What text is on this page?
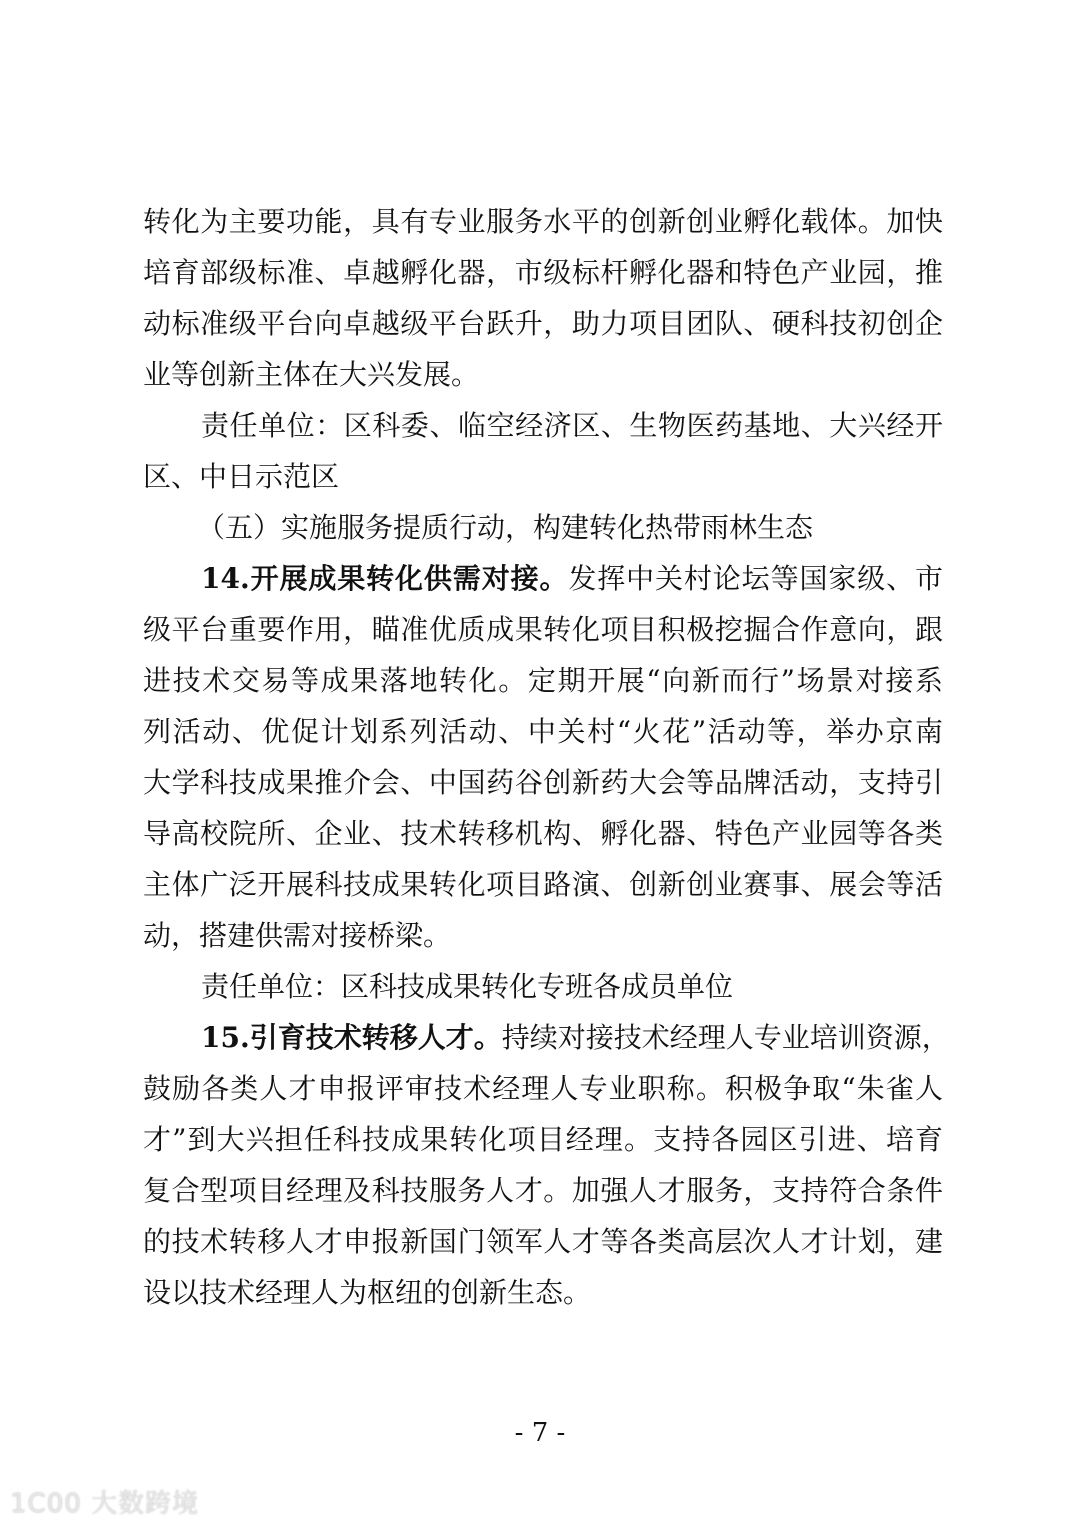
转化为主要功能，具有专业服务水平的创新创业孵化载体。加快
培育部级标准、卓越孵化器，市级标杆孵化器和特色产业园，推
动标准级平台向卓越级平台跃升，助力项目团队、硬科技初创企
业等创新主体在大兴发展。
责任单位：区科委、临空经济区、生物医药基地、大兴经开
区、中日示范区
（五）实施服务提质行动，构建转化热带雨林生态
14.开展成果转化供需对接。发挥中关村论坛等国家级、市
级平台重要作用，瞄准优质成果转化项目积极挖掘合作意向，跟
进技术交易等成果落地转化。定期开展“向新而行”场景对接系
列活动、优促计划系列活动、中关村“火花”活动等，举办京南
大学科技成果推介会、中国药谷创新药大会等品牌活动，支持引
导高校院所、企业、技术转移机构、孵化器、特色产业园等各类
主体广泛开展科技成果转化项目路演、创新创业赛事、展会等活
动，搭建供需对接桥梁。
责任单位：区科技成果转化专班各成员单位
15.引育技术转移人才。持续对接技术经理人专业培训资源，
鼓励各类人才申报评审技术经理人专业职称。积极争取“朱雀人
才”到大兴担任科技成果转化项目经理。支持各园区引进、培育
复合型项目经理及科技服务人才。加强人才服务，支持符合条件
的技术转移人才申报新国门领军人才等各类高层次人才计划，建
设以技术经理人为枢纽的创新生态。
- 7 -
1C00 大数跨境
